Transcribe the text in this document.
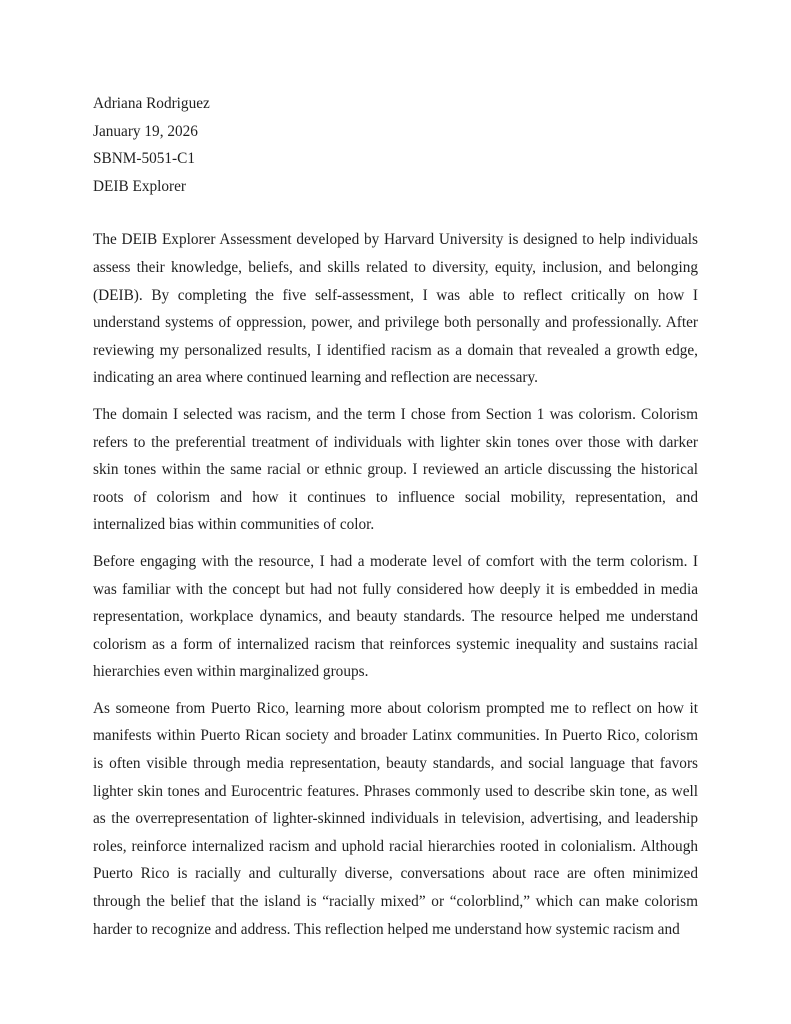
Adriana Rodriguez

January 19, 2026

SBNM-5051-C1

DEIB Explorer

The DEIB Explorer Assessment developed by Harvard University is designed to help individuals assess their knowledge, beliefs, and skills related to diversity, equity, inclusion, and belonging (DEIB). By completing the five self-assessment, I was able to reflect critically on how I understand systems of oppression, power, and privilege both personally and professionally. After reviewing my personalized results, I identified racism as a domain that revealed a growth edge, indicating an area where continued learning and reflection are necessary.

The domain I selected was racism, and the term I chose from Section 1 was colorism. Colorism refers to the preferential treatment of individuals with lighter skin tones over those with darker skin tones within the same racial or ethnic group. I reviewed an article discussing the historical roots of colorism and how it continues to influence social mobility, representation, and internalized bias within communities of color.

Before engaging with the resource, I had a moderate level of comfort with the term colorism. I was familiar with the concept but had not fully considered how deeply it is embedded in media representation, workplace dynamics, and beauty standards. The resource helped me understand colorism as a form of internalized racism that reinforces systemic inequality and sustains racial hierarchies even within marginalized groups.

As someone from Puerto Rico, learning more about colorism prompted me to reflect on how it manifests within Puerto Rican society and broader Latinx communities. In Puerto Rico, colorism is often visible through media representation, beauty standards, and social language that favors lighter skin tones and Eurocentric features. Phrases commonly used to describe skin tone, as well as the overrepresentation of lighter-skinned individuals in television, advertising, and leadership roles, reinforce internalized racism and uphold racial hierarchies rooted in colonialism. Although Puerto Rico is racially and culturally diverse, conversations about race are often minimized through the belief that the island is “racially mixed” or “colorblind,” which can make colorism harder to recognize and address. This reflection helped me understand how systemic racism and
